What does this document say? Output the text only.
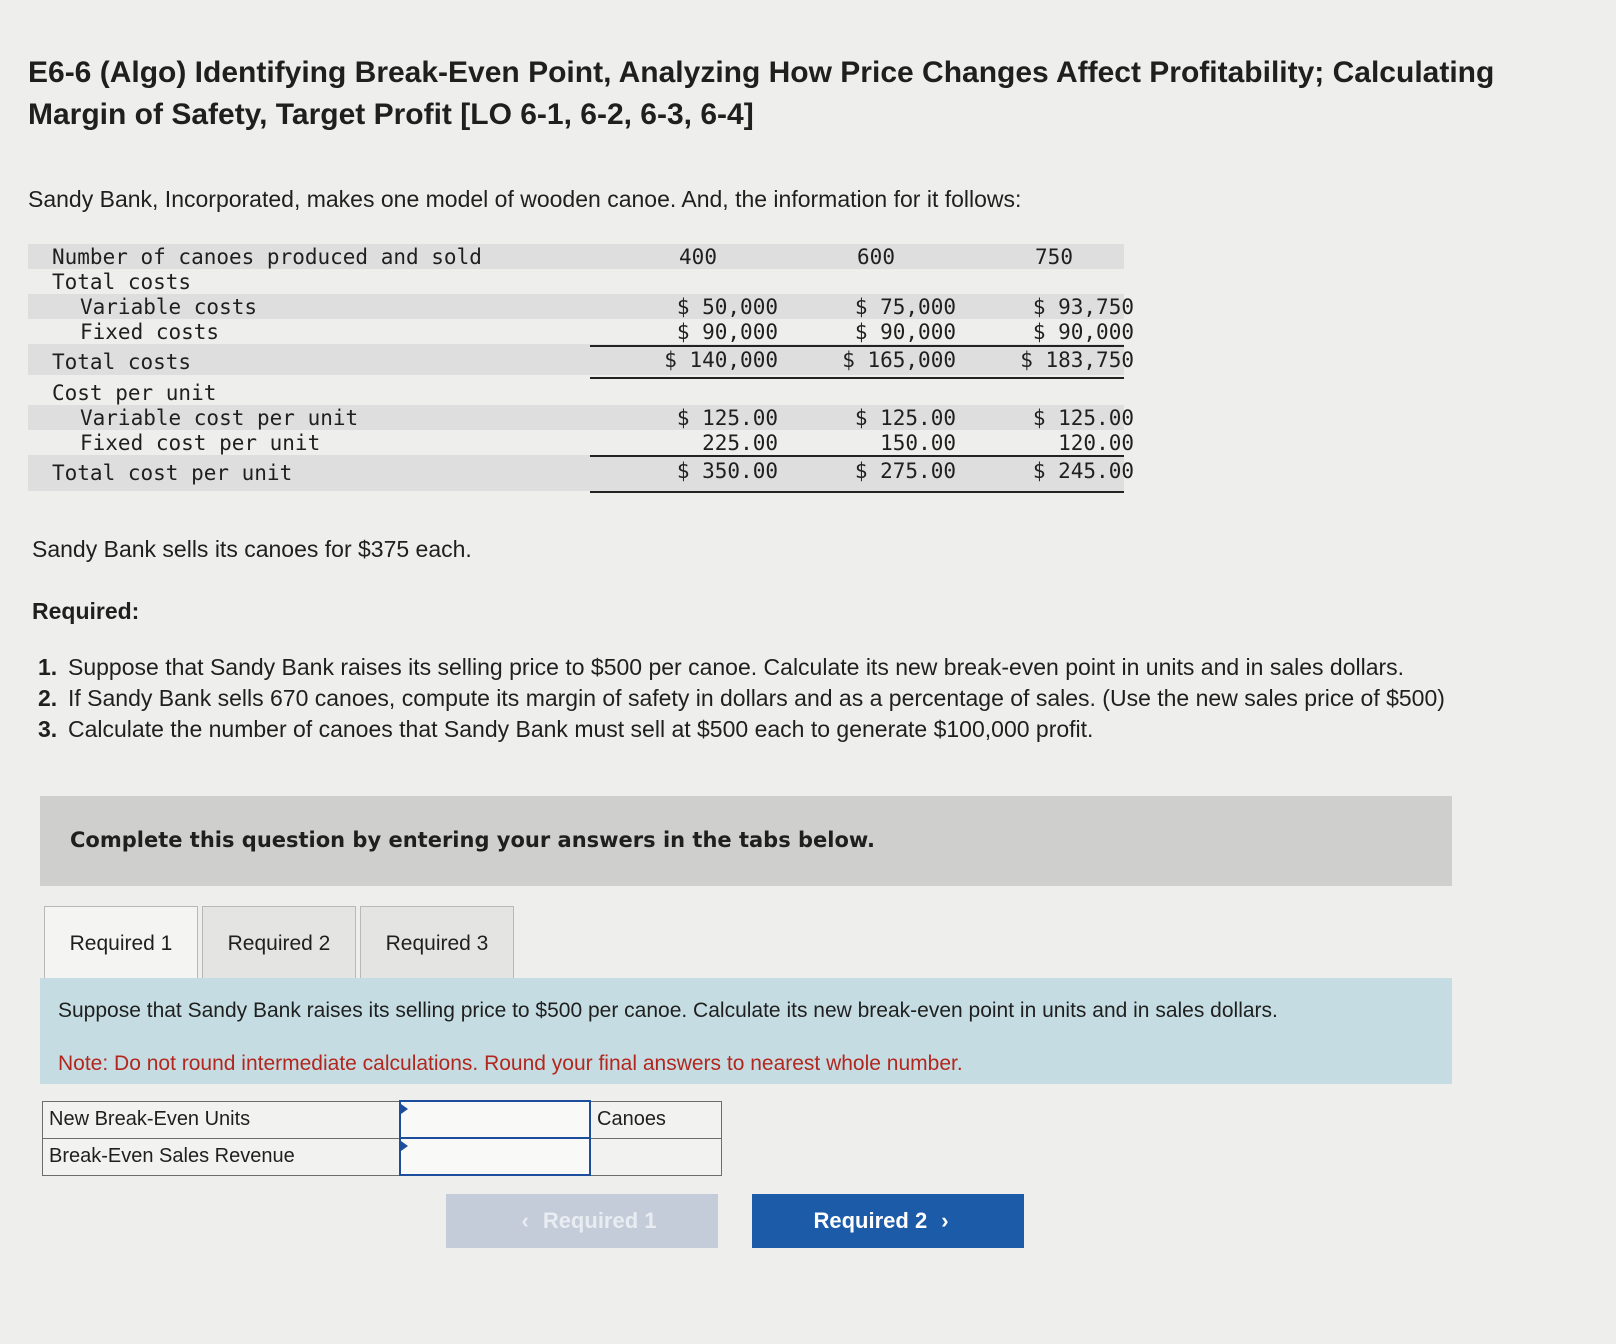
E6-6 (Algo) Identifying Break-Even Point, Analyzing How Price Changes Affect Profitability; Calculating Margin of Safety, Target Profit [LO 6-1, 6-2, 6-3, 6-4]
Sandy Bank, Incorporated, makes one model of wooden canoe. And, the information for it follows:
Number of canoes produced and sold	400	600	750
Total costs
Variable costs	$ 50,000	$ 75,000	$ 93,750
Fixed costs	$ 90,000	$ 90,000	$ 90,000
Total costs	$ 140,000	$ 165,000	$ 183,750
Cost per unit
Variable cost per unit	$ 125.00	$ 125.00	$ 125.00
Fixed cost per unit	225.00	150.00	120.00
Total cost per unit	$ 350.00	$ 275.00	$ 245.00
Sandy Bank sells its canoes for $375 each.
Required:
1. Suppose that Sandy Bank raises its selling price to $500 per canoe. Calculate its new break-even point in units and in sales dollars.
2. If Sandy Bank sells 670 canoes, compute its margin of safety in dollars and as a percentage of sales. (Use the new sales price of $500)
3. Calculate the number of canoes that Sandy Bank must sell at $500 each to generate $100,000 profit.
Complete this question by entering your answers in the tabs below.
Required 1	Required 2	Required 3
Suppose that Sandy Bank raises its selling price to $500 per canoe. Calculate its new break-even point in units and in sales dollars.
Note: Do not round intermediate calculations. Round your final answers to nearest whole number.
New Break-Even Units		Canoes
Break-Even Sales Revenue		
‹ Required 1	Required 2 ›
